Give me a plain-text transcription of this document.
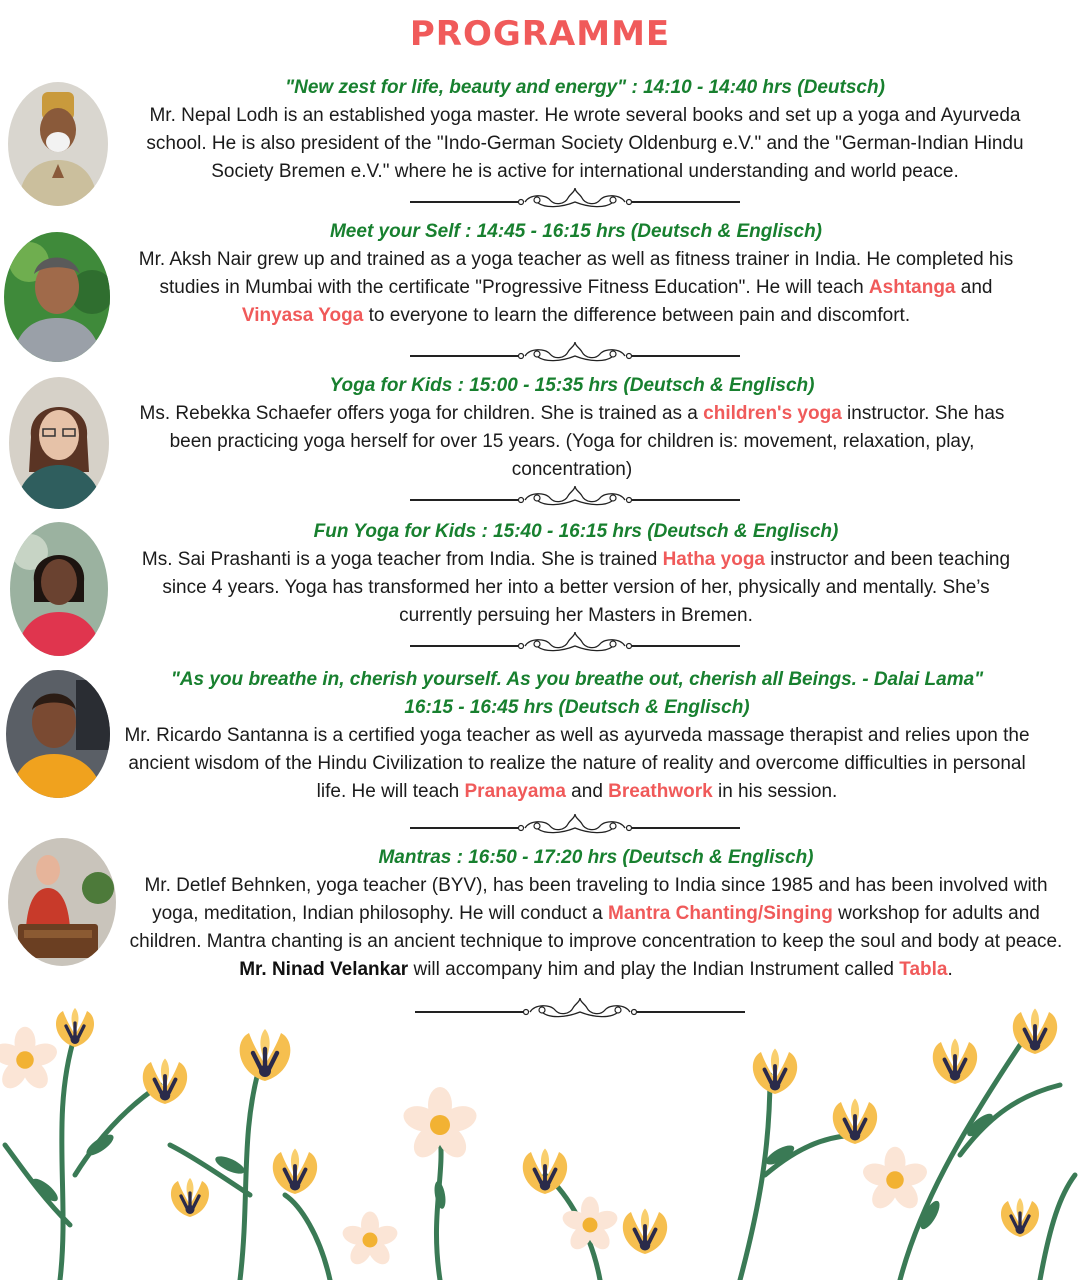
PROGRAMME
"New zest for life, beauty and energy" : 14:10 - 14:40 hrs (Deutsch)
Mr. Nepal Lodh is an established yoga master. He wrote several books and set up a yoga and Ayurveda school. He is also president of the "Indo-German Society Oldenburg e.V." and the "German-Indian Hindu Society Bremen e.V." where he is active for international understanding and world peace.
Meet your Self : 14:45 - 16:15 hrs (Deutsch & Englisch)
Mr. Aksh Nair grew up and trained as a yoga teacher as well as fitness trainer in India. He completed his studies in Mumbai with the certificate "Progressive Fitness Education". He will teach Ashtanga and Vinyasa Yoga to everyone to learn the difference between pain and discomfort.
Yoga for Kids : 15:00 - 15:35 hrs (Deutsch & Englisch)
Ms. Rebekka Schaefer offers yoga for children. She is trained as a children's yoga instructor. She has been practicing yoga herself for over 15 years. (Yoga for children is: movement, relaxation, play, concentration)
Fun Yoga for Kids : 15:40 - 16:15 hrs (Deutsch & Englisch)
Ms. Sai Prashanti is a yoga teacher from India. She is trained Hatha yoga instructor and been teaching since 4 years. Yoga has transformed her into a better version of her, physically and mentally. She’s currently persuing her Masters in Bremen.
"As you breathe in, cherish yourself. As you breathe out, cherish all Beings. - Dalai Lama"
16:15 - 16:45 hrs (Deutsch & Englisch)
Mr. Ricardo Santanna is a certified yoga teacher as well as ayurveda massage therapist and relies upon the ancient wisdom of the Hindu Civilization to realize the nature of reality and overcome difficulties in personal life. He will teach Pranayama and Breathwork in his session.
Mantras : 16:50 - 17:20 hrs (Deutsch & Englisch)
Mr. Detlef Behnken, yoga teacher (BYV), has been traveling to India since 1985 and has been involved with yoga, meditation, Indian philosophy. He will conduct a Mantra Chanting/Singing workshop for adults and children. Mantra chanting is an ancient technique to improve concentration to keep the soul and body at peace. Mr. Ninad Velankar will accompany him and play the Indian Instrument called Tabla.
